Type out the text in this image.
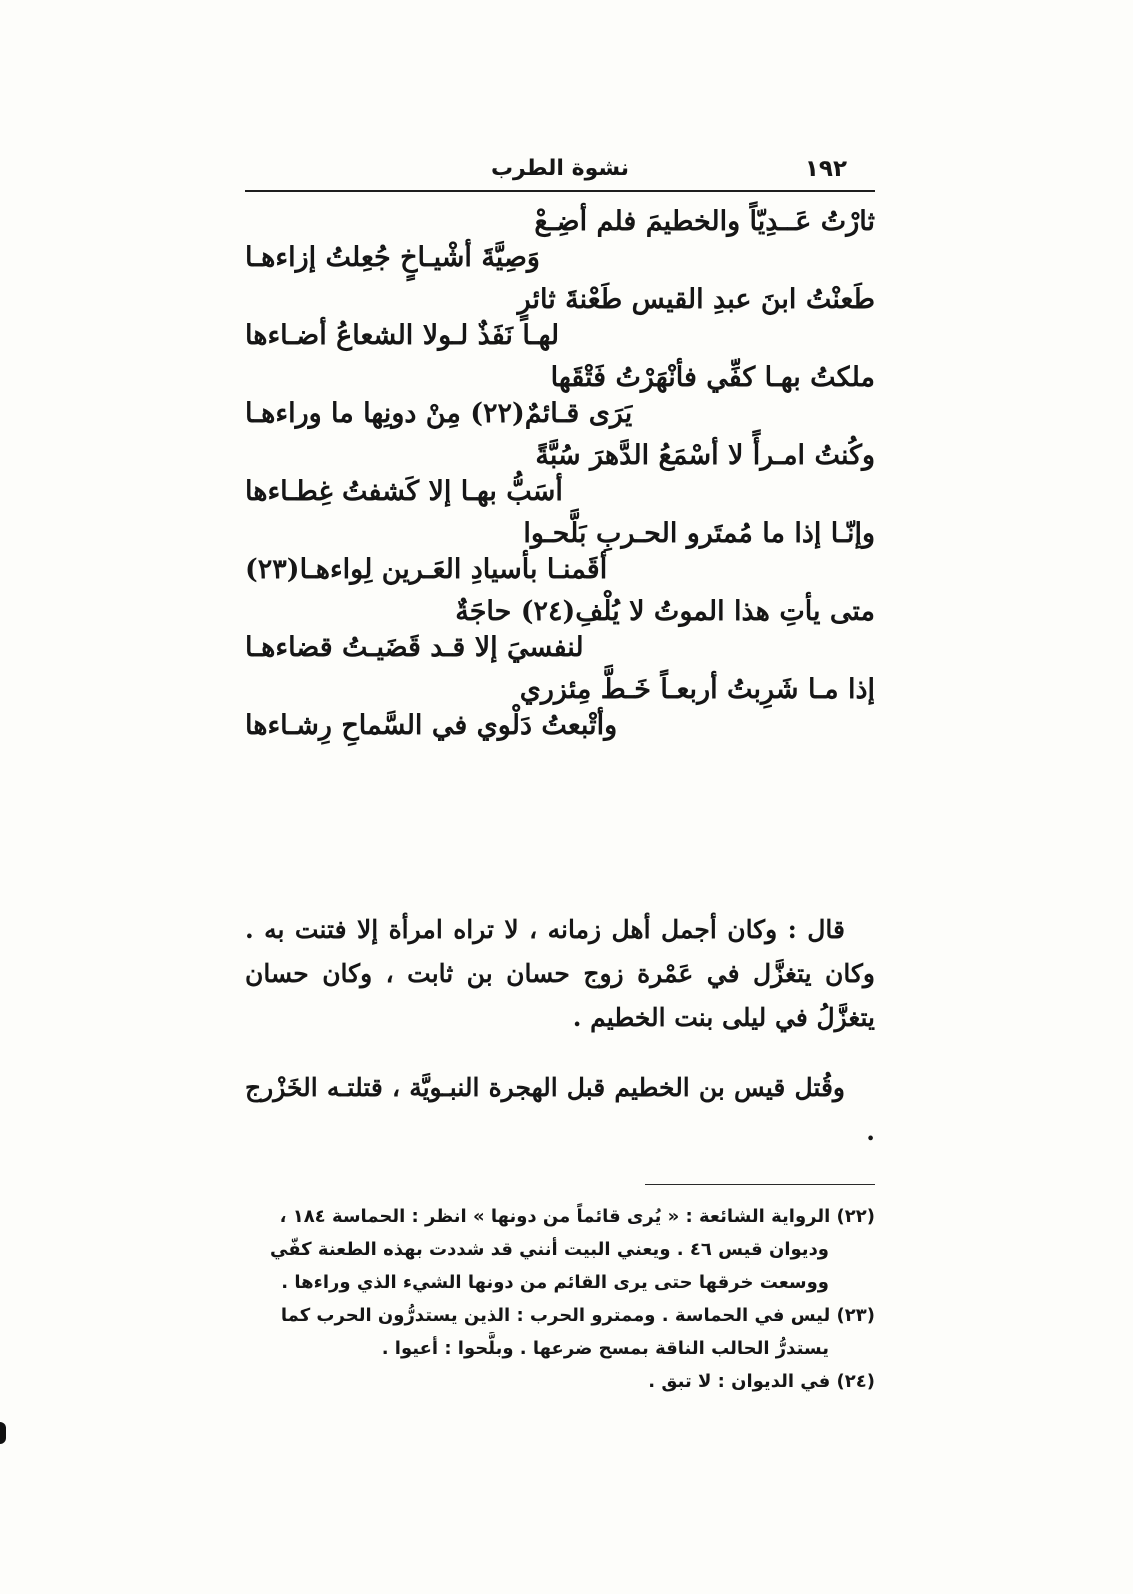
١٩٢
نشوة الطرب
ثارْتُ عَــدِيّاً والخطيمَ فلم أضِـعْ
وَصِيَّةَ أشْيـاخٍ جُعِلتُ إزاءهـا
طَعنْتُ ابنَ عبدِ القيس طَعْنةَ ثائرٍ
لهـا نَفَذٌ لـولا الشعاعُ أضـاءها
ملكتُ بهـا كفِّي فأنْهَرْتُ فَتْقَها
يَرَى قـائمٌ(٢٢) مِنْ دونِها ما وراءهـا
وكُنتُ امـرأً لا أسْمَعُ الدَّهرَ سُبَّةً
أسَبُّ بهـا إلا كَشفتُ غِطـاءها
وإنّـا إذا ما مُمتَرو الحـربِ بَلَّحـوا
أقَمنـا بأسيادِ العَـرين لِواءهـا(٢٣)
متى يأتِ هذا الموتُ لا يُلْفِ(٢٤) حاجَةٌ
لنفسيَ إلا قـد قَضَيـتُ قضاءهـا
إذا مـا شَرِبتُ أربعـاً خَـطَّ مِئزري
وأتْبعتُ دَلْوي في السَّماحِ رِشـاءها

قال : وكان أجمل أهل زمانه ، لا تراه امرأة إلا فتنت به . وكان يتغزَّل في عَمْرة زوج حسان بن ثابت ، وكان حسان يتغزَّلُ في ليلى بنت الخطيم .

وقُتل قيس بن الخطيم قبل الهجرة النبـويَّة ، قتلتـه الخَزْرج .

(٢٢) الرواية الشائعة : « يُرى قائماً من دونها » انظر : الحماسة ١٨٤ ،
وديوان قيس ٤٦ . ويعني البيت أنني قد شددت بهذه الطعنة كفّي
ووسعت خرقها حتى يرى القائم من دونها الشيء الذي وراءها .
(٢٣) ليس في الحماسة . وممترو الحرب : الذين يستدرُّون الحرب كما
يستدرُّ الحالب الناقة بمسح ضرعها . وبلَّحوا : أعيوا .
(٢٤) في الديوان : لا تبق .
